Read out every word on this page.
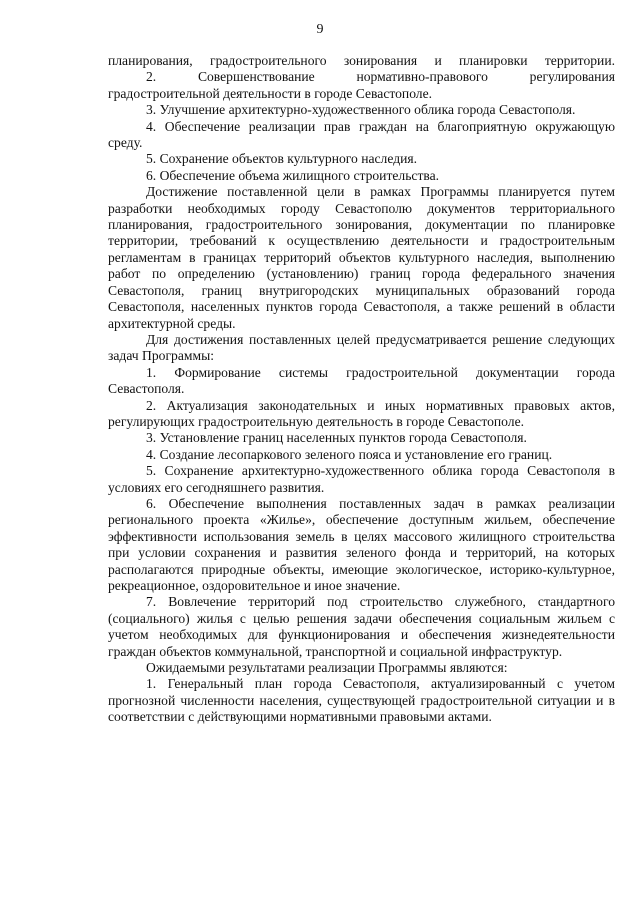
9

планирования, градостроительного зонирования и планировки территории.

2. Совершенствование нормативно-правового регулирования градостроительной деятельности в городе Севастополе.

3. Улучшение архитектурно-художественного облика города Севастополя.

4. Обеспечение реализации прав граждан на благоприятную окружающую среду.

5. Сохранение объектов культурного наследия.

6. Обеспечение объема жилищного строительства.

Достижение поставленной цели в рамках Программы планируется путем разработки необходимых городу Севастополю документов территориального планирования, градостроительного зонирования, документации по планировке территории, требований к осуществлению деятельности и градостроительным регламентам в границах территорий объектов культурного наследия, выполнению работ по определению (установлению) границ города федерального значения Севастополя, границ внутригородских муниципальных образований города Севастополя, населенных пунктов города Севастополя, а также решений в области архитектурной среды.

Для достижения поставленных целей предусматривается решение следующих задач Программы:

1. Формирование системы градостроительной документации города Севастополя.

2. Актуализация законодательных и иных нормативных правовых актов, регулирующих градостроительную деятельность в городе Севастополе.

3. Установление границ населенных пунктов города Севастополя.

4. Создание лесопаркового зеленого пояса и установление его границ.

5. Сохранение архитектурно-художественного облика города Севастополя в условиях его сегодняшнего развития.

6. Обеспечение выполнения поставленных задач в рамках реализации регионального проекта «Жилье», обеспечение доступным жильем, обеспечение эффективности использования земель в целях массового жилищного строительства при условии сохранения и развития зеленого фонда и территорий, на которых располагаются природные объекты, имеющие экологическое, историко-культурное, рекреационное, оздоровительное и иное значение.

7. Вовлечение территорий под строительство служебного, стандартного (социального) жилья с целью решения задачи обеспечения социальным жильем с учетом необходимых для функционирования и обеспечения жизнедеятельности граждан объектов коммунальной, транспортной и социальной инфраструктур.

Ожидаемыми результатами реализации Программы являются:

1. Генеральный план города Севастополя, актуализированный с учетом прогнозной численности населения, существующей градостроительной ситуации и в соответствии с действующими нормативными правовыми актами.
